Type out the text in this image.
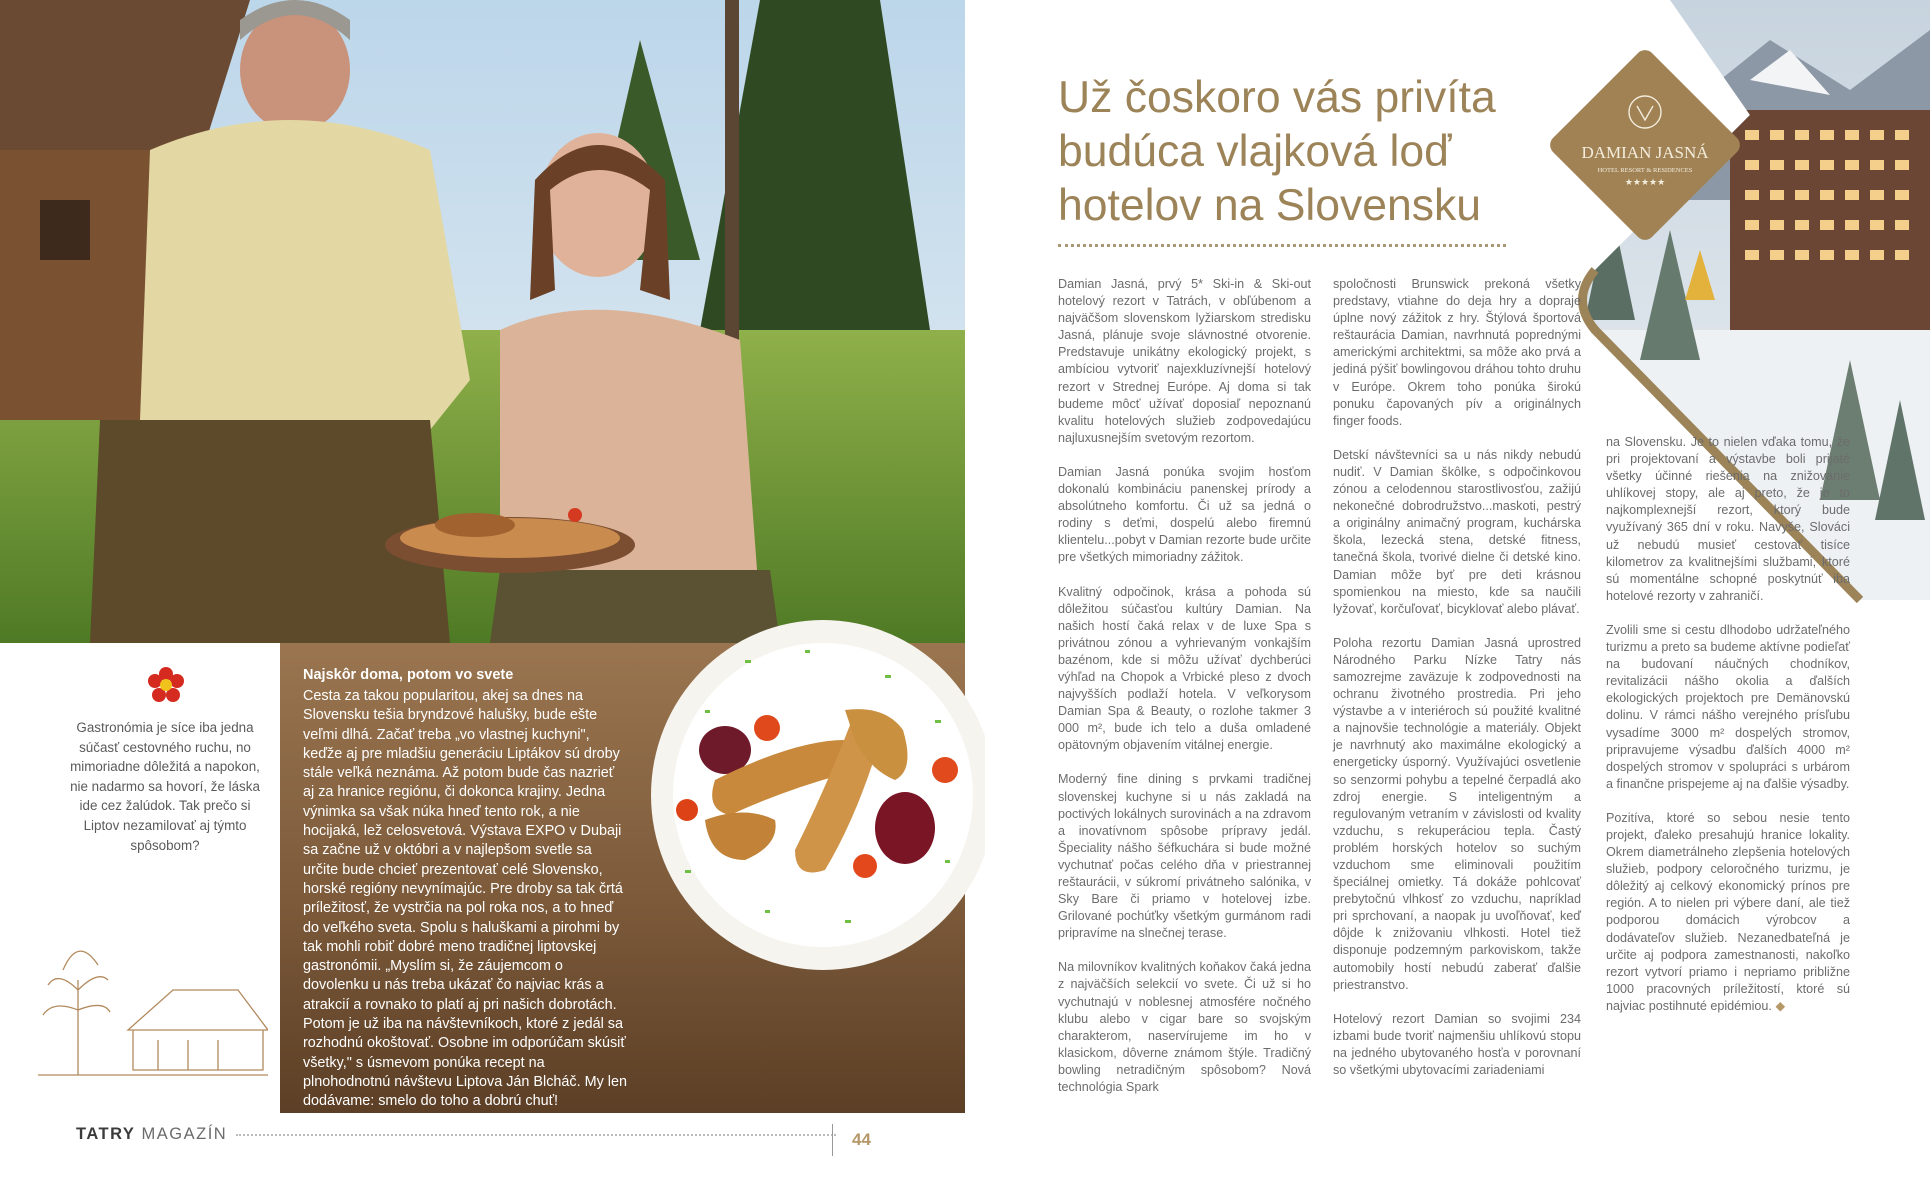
Gastronómia je síce iba jedna súčasť cestovného ruchu, no mimoriadne dôležitá a napokon, nie nadarmo sa hovorí, že láska ide cez žalúdok. Tak prečo si Liptov nezamilovať aj týmto spôsobom?
Najskôr doma, potom vo svete
Cesta za takou popularitou, akej sa dnes na Slovensku tešia bryndzové halušky, bude ešte veľmi dlhá. Začať treba „vo vlastnej kuchyni", keďže aj pre mladšiu generáciu Liptákov sú droby stále veľká neznáma. Až potom bude čas nazrieť aj za hranice regiónu, či dokonca krajiny. Jedna výnimka sa však núka hneď tento rok, a nie hocijaká, lež celosvetová. Výstava EXPO v Dubaji sa začne už v októbri a v najlepšom svetle sa určite bude chcieť prezentovať celé Slovensko, horské regióny nevynímajúc. Pre droby sa tak črtá príležitosť, že vystrčia na pol roka nos, a to hneď do veľkého sveta. Spolu s haluškami a pirohmi by tak mohli robiť dobré meno tradičnej liptovskej gastronómii. „Myslím si, že záujemcom o dovolenku u nás treba ukázať čo najviac krás a atrakcií a rovnako to platí aj pri našich dobrotách. Potom je už iba na návštevníkoch, ktoré z jedál sa rozhodnú okoštovať. Osobne im odporúčam skúsiť všetky," s úsmevom ponúka recept na plnohodnotnú návštevu Liptova Ján Blcháč. My len dodávame: smelo do toho a dobrú chuť!
TATRY MAGAZÍN	44
DAMIAN JASNÁ
HOTEL RESORT & RESIDENCES
★★★★★
Už čoskoro vás privíta budúca vlajková loď hotelov na Slovensku

Damian Jasná, prvý 5* Ski-in & Ski-out hotelový rezort v Tatrách, v obľúbenom a najväčšom slovenskom lyžiarskom stredisku Jasná, plánuje svoje slávnostné otvorenie. Predstavuje unikátny ekologický projekt, s ambíciou vytvoriť najexkluzívnejší hotelový rezort v Strednej Európe. Aj doma si tak budeme môcť užívať doposiaľ nepoznanú kvalitu hotelových služieb zodpovedajúcu najluxusnejším svetovým rezortom.

Damian Jasná ponúka svojim hosťom dokonalú kombináciu panenskej prírody a absolútneho komfortu. Či už sa jedná o rodiny s deťmi, dospelú alebo firemnú klientelu...pobyt v Damian rezorte bude určite pre všetkých mimoriadny zážitok.

Kvalitný odpočinok, krása a pohoda sú dôležitou súčasťou kultúry Damian. Na našich hostí čaká relax v de luxe Spa s privátnou zónou a vyhrievaným vonkajším bazénom, kde si môžu užívať dychberúci výhľad na Chopok a Vrbické pleso z dvoch najvyšších podlaží hotela. V veľkorysom Damian Spa & Beauty, o rozlohe takmer 3 000 m², bude ich telo a duša omladené opätovným objavením vitálnej energie.

Moderný fine dining s prvkami tradičnej slovenskej kuchyne si u nás zakladá na poctivých lokálnych surovinách a na zdravom a inovatívnom spôsobe prípravy jedál. Špeciality nášho šéfkuchára si bude možné vychutnať počas celého dňa v priestrannej reštaurácii, v súkromí privátneho salónika, v Sky Bare či priamo v hotelovej izbe. Grilované pochúťky všetkým gurmánom radi pripravíme na slnečnej terase.

Na milovníkov kvalitných koňakov čaká jedna z najväčších selekcií vo svete. Či už si ho vychutnajú v noblesnej atmosfére nočného klubu alebo v cigar bare so svojským charakterom, naservírujeme im ho v klasickom, dôverne známom štýle. Tradičný bowling netradičným spôsobom? Nová technológia Spark

spoločnosti Brunswick prekoná všetky predstavy, vtiahne do deja hry a dopraje úplne nový zážitok z hry. Štýlová športová reštaurácia Damian, navrhnutá poprednými americkými architektmi, sa môže ako prvá a jediná pýšiť bowlingovou dráhou tohto druhu v Európe. Okrem toho ponúka širokú ponuku čapovaných pív a originálnych finger foods.

Detskí návštevníci sa u nás nikdy nebudú nudiť. V Damian škôlke, s odpočinkovou zónou a celodennou starostlivosťou, zažijú nekonečné dobrodružstvo...maskoti, pestrý a originálny animačný program, kuchárska škola, lezecká stena, detské fitness, tanečná škola, tvorivé dielne či detské kino. Damian môže byť pre deti krásnou spomienkou na miesto, kde sa naučili lyžovať, korčuľovať, bicyklovať alebo plávať.

Poloha rezortu Damian Jasná uprostred Národného Parku Nízke Tatry nás samozrejme zaväzuje k zodpovednosti na ochranu životného prostredia. Pri jeho výstavbe a v interiéroch sú použité kvalitné a najnovšie technológie a materiály. Objekt je navrhnutý ako maximálne ekologický a energeticky úsporný. Využívajúci osvetlenie so senzormi pohybu a tepelné čerpadlá ako zdroj energie. S inteligentným a regulovaným vetraním v závislosti od kvality vzduchu, s rekuperáciou tepla. Častý problém horských hotelov so suchým vzduchom sme eliminovali použitím špeciálnej omietky. Tá dokáže pohlcovať prebytočnú vlhkosť zo vzduchu, napríklad pri sprchovaní, a naopak ju uvoľňovať, keď dôjde k znižovaniu vlhkosti. Hotel tiež disponuje podzemným parkoviskom, takže automobily hostí nebudú zaberať ďalšie priestranstvo.

Hotelový rezort Damian so svojimi 234 izbami bude tvoriť najmenšiu uhlíkovú stopu na jedného ubytovaného hosťa v porovnaní so všetkými ubytovacími zariadeniami

na Slovensku. Je to nielen vďaka tomu, že pri projektovaní a výstavbe boli prijaté všetky účinné riešenia na znižovanie uhlíkovej stopy, ale aj preto, že je to najkomplexnejší rezort, ktorý bude využívaný 365 dní v roku. Navyše, Slováci už nebudú musieť cestovať tisíce kilometrov za kvalitnejšími službami, ktoré sú momentálne schopné poskytnúť iba hotelové rezorty v zahraničí.

Zvolili sme si cestu dlhodobo udržateľného turizmu a preto sa budeme aktívne podieľať na budovaní náučných chodníkov, revitalizácii nášho okolia a ďalších ekologických projektoch pre Demänovskú dolinu. V rámci nášho verejného prísľubu vysadíme 3000 m² dospelých stromov, pripravujeme výsadbu ďalších 4000 m² dospelých stromov v spolupráci s urbárom a finančne prispejeme aj na ďalšie výsadby.

Pozitíva, ktoré so sebou nesie tento projekt, ďaleko presahujú hranice lokality. Okrem diametrálneho zlepšenia hotelových služieb, podpory celoročného turizmu, je dôležitý aj celkový ekonomický prínos pre región. A to nielen pri výbere daní, ale tiež podporou domácich výrobcov a dodávateľov služieb. Nezanedbateľná je určite aj podpora zamestnanosti, nakoľko rezort vytvorí priamo i nepriamo približne 1000 pracovných príležitostí, ktoré sú najviac postihnuté epidémiou. ◆
